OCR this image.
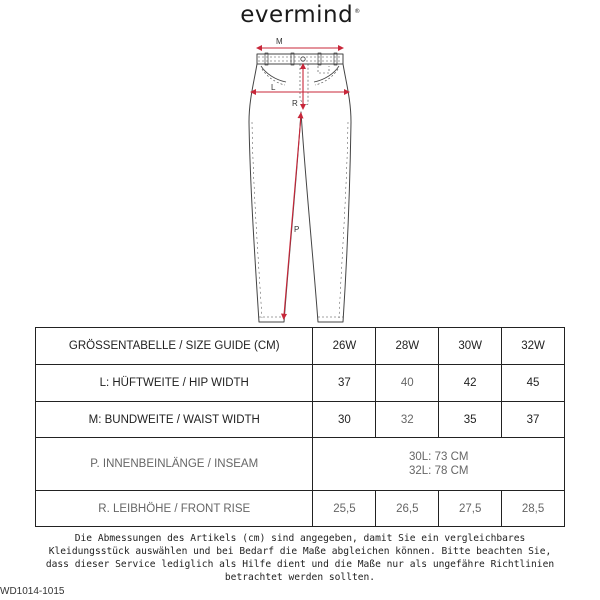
evermind®
M
L
R
P
GRÖSSENTABELLE / SIZE GUIDE (CM)	26W	28W	30W	32W
L: HÜFTWEITE / HIP WIDTH	37	40	42	45
M: BUNDWEITE / WAIST WIDTH	30	32	35	37
P. INNENBEINLÄNGE / INSEAM	30L: 73 CM
32L: 78 CM			

R. LEIBHÖHE / FRONT RISE	25,5	26,5	27,5	28,5
Die Abmessungen des Artikels (cm) sind angegeben, damit Sie ein vergleichbares
Kleidungsstück auswählen und bei Bedarf die Maße abgleichen können. Bitte beachten Sie,
dass dieser Service lediglich als Hilfe dient und die Maße nur als ungefähre Richtlinien
betrachtet werden sollten.
WD1014-1015
